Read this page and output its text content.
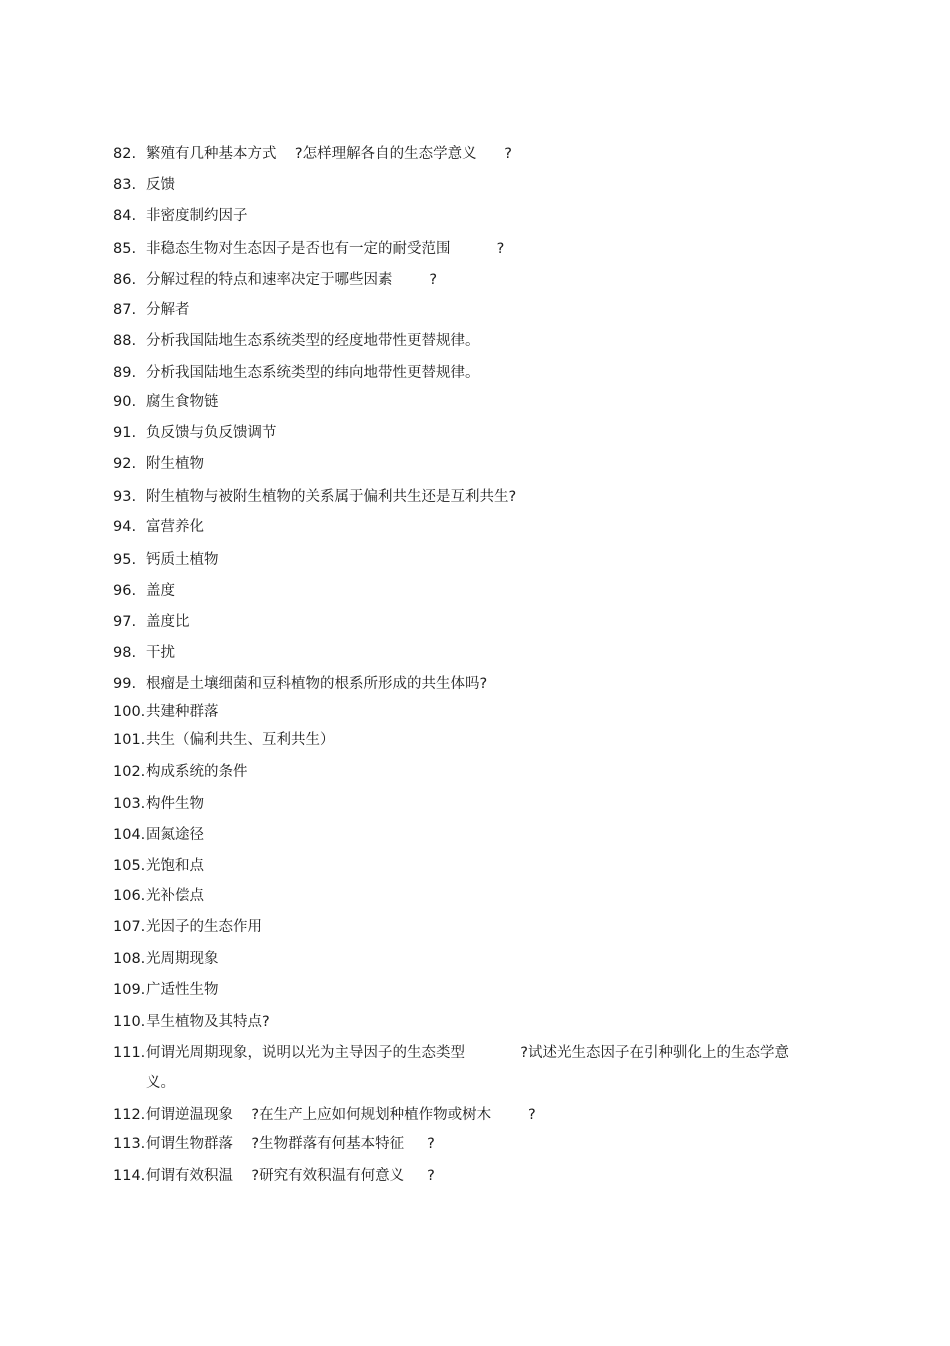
82. 繁殖有几种基本方式    ?怎样理解各自的生态学意义      ?
83. 反馈
84. 非密度制约因子
85. 非稳态生物对生态因子是否也有一定的耐受范围          ?
86. 分解过程的特点和速率决定于哪些因素        ?
87. 分解者
88. 分析我国陆地生态系统类型的经度地带性更替规律。
89. 分析我国陆地生态系统类型的纬向地带性更替规律。
90. 腐生食物链
91. 负反馈与负反馈调节
92. 附生植物
93. 附生植物与被附生植物的关系属于偏利共生还是互利共生?
94. 富营养化
95. 钙质土植物
96. 盖度
97. 盖度比
98. 干扰
99. 根瘤是土壤细菌和豆科植物的根系所形成的共生体吗?
100. 共建种群落
101. 共生（偏利共生、互利共生）
102. 构成系统的条件
103. 构件生物
104. 固氮途径
105. 光饱和点
106. 光补偿点
107. 光因子的生态作用
108. 光周期现象
109. 广适性生物
110. 旱生植物及其特点?
111. 何谓光周期现象，说明以光为主导因子的生态类型            ?试述光生态因子在引种驯化上的生态学意
义。
112. 何谓逆温现象    ?在生产上应如何规划种植作物或树木        ?
113. 何谓生物群落    ?生物群落有何基本特征     ?
114. 何谓有效积温    ?研究有效积温有何意义     ?
